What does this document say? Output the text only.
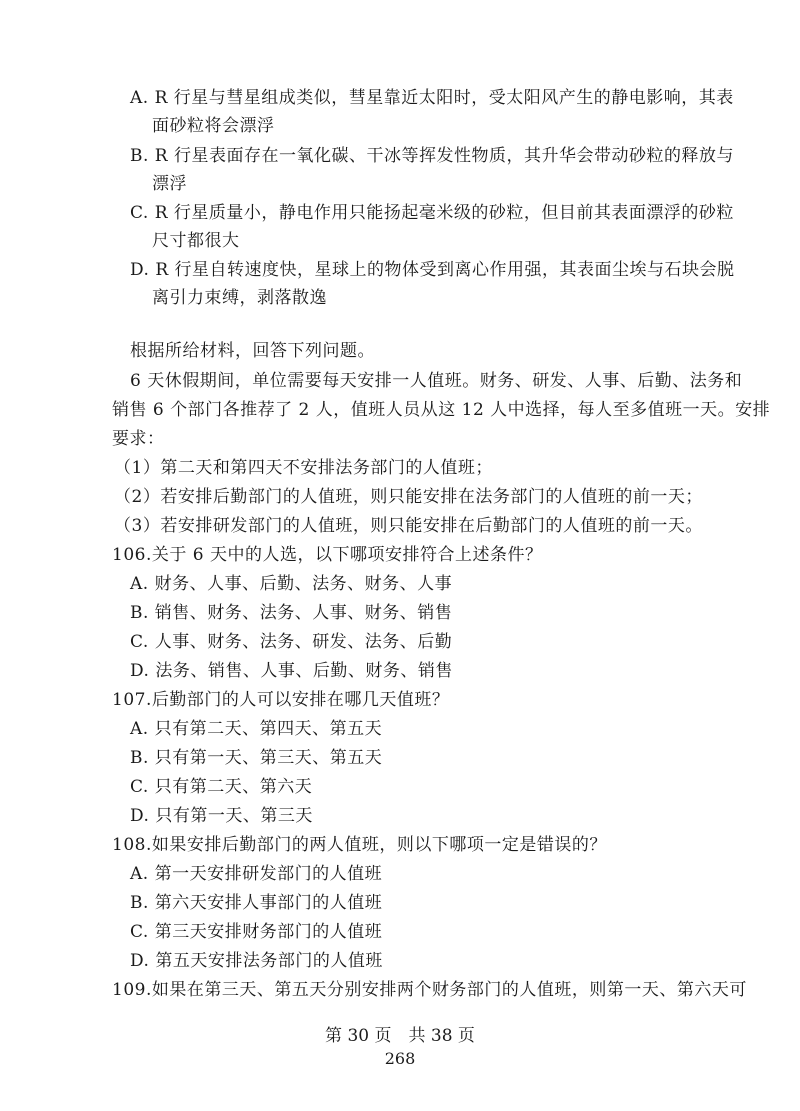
A. R 行星与彗星组成类似，彗星靠近太阳时，受太阳风产生的静电影响，其表
面砂粒将会漂浮
B. R 行星表面存在一氧化碳、干冰等挥发性物质，其升华会带动砂粒的释放与
漂浮
C. R 行星质量小，静电作用只能扬起毫米级的砂粒，但目前其表面漂浮的砂粒
尺寸都很大
D. R 行星自转速度快，星球上的物体受到离心作用强，其表面尘埃与石块会脱
离引力束缚，剥落散逸
根据所给材料，回答下列问题。
6 天休假期间，单位需要每天安排一人值班。财务、研发、人事、后勤、法务和
销售 6 个部门各推荐了 2 人，值班人员从这 12 人中选择，每人至多值班一天。安排
要求：
（1）第二天和第四天不安排法务部门的人值班；
（2）若安排后勤部门的人值班，则只能安排在法务部门的人值班的前一天；
（3）若安排研发部门的人值班，则只能安排在后勤部门的人值班的前一天。
106.关于 6 天中的人选，以下哪项安排符合上述条件？
A. 财务、人事、后勤、法务、财务、人事
B. 销售、财务、法务、人事、财务、销售
C. 人事、财务、法务、研发、法务、后勤
D. 法务、销售、人事、后勤、财务、销售
107.后勤部门的人可以安排在哪几天值班？
A. 只有第二天、第四天、第五天
B. 只有第一天、第三天、第五天
C. 只有第二天、第六天
D. 只有第一天、第三天
108.如果安排后勤部门的两人值班，则以下哪项一定是错误的？
A. 第一天安排研发部门的人值班
B. 第六天安排人事部门的人值班
C. 第三天安排财务部门的人值班
D. 第五天安排法务部门的人值班
109.如果在第三天、第五天分别安排两个财务部门的人值班，则第一天、第六天可
第 30 页　共 38 页
268
